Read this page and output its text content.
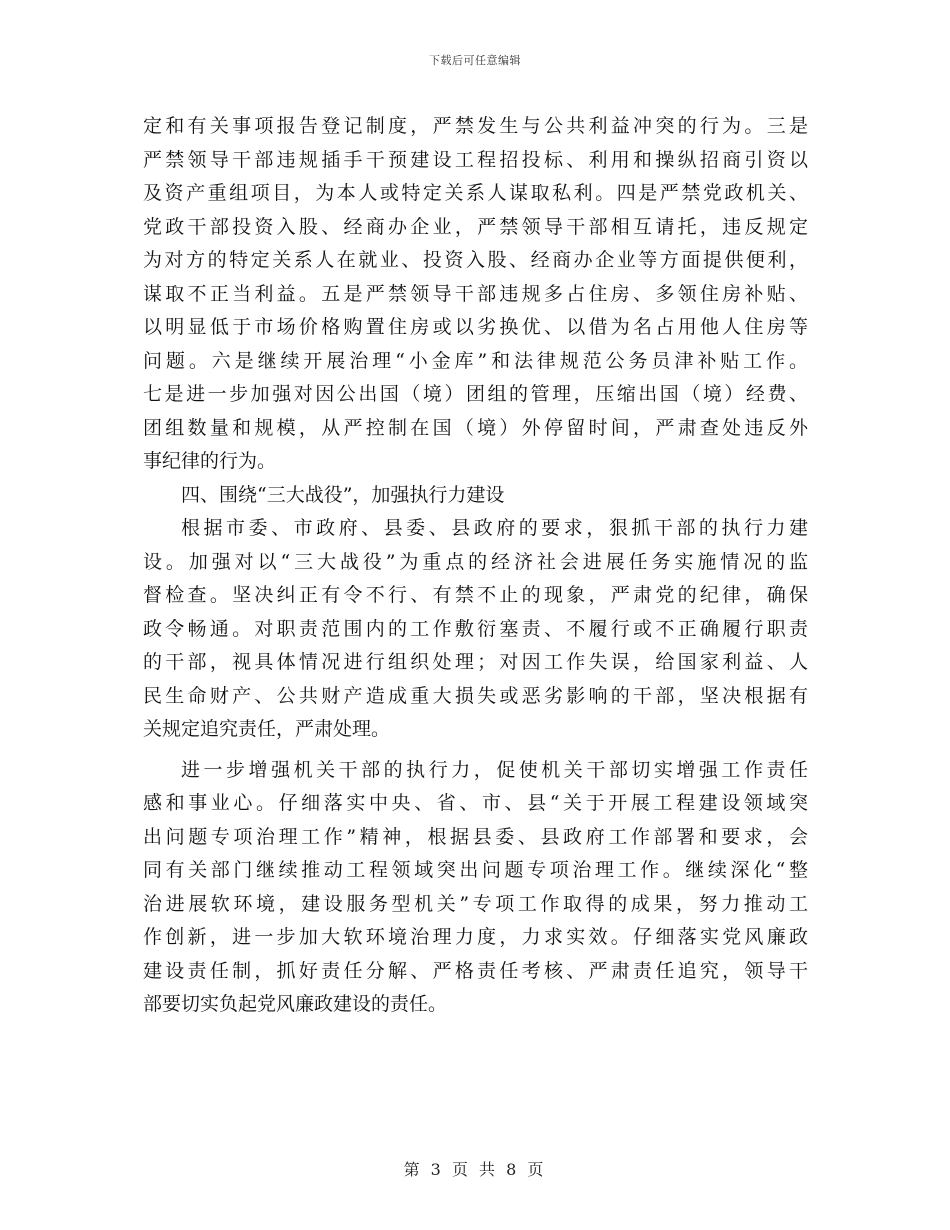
下载后可任意编辑
定和有关事项报告登记制度，严禁发生与公共利益冲突的行为。三是
严禁领导干部违规插手干预建设工程招投标、利用和操纵招商引资以
及资产重组项目，为本人或特定关系人谋取私利。四是严禁党政机关、
党政干部投资入股、经商办企业，严禁领导干部相互请托，违反规定
为对方的特定关系人在就业、投资入股、经商办企业等方面提供便利，
谋取不正当利益。五是严禁领导干部违规多占住房、多领住房补贴、
以明显低于市场价格购置住房或以劣换优、以借为名占用他人住房等
问题。六是继续开展治理“小金库”和法律规范公务员津补贴工作。
七是进一步加强对因公出国（境）团组的管理，压缩出国（境）经费、
团组数量和规模，从严控制在国（境）外停留时间，严肃查处违反外
事纪律的行为。
四、围绕“三大战役”，加强执行力建设
根据市委、市政府、县委、县政府的要求，狠抓干部的执行力建
设。加强对以“三大战役”为重点的经济社会进展任务实施情况的监
督检查。坚决纠正有令不行、有禁不止的现象，严肃党的纪律，确保
政令畅通。对职责范围内的工作敷衍塞责、不履行或不正确履行职责
的干部，视具体情况进行组织处理；对因工作失误，给国家利益、人
民生命财产、公共财产造成重大损失或恶劣影响的干部，坚决根据有
关规定追究责任，严肃处理。
进一步增强机关干部的执行力，促使机关干部切实增强工作责任
感和事业心。仔细落实中央、省、市、县“关于开展工程建设领域突
出问题专项治理工作”精神，根据县委、县政府工作部署和要求，会
同有关部门继续推动工程领域突出问题专项治理工作。继续深化“整
治进展软环境，建设服务型机关”专项工作取得的成果，努力推动工
作创新，进一步加大软环境治理力度，力求实效。仔细落实党风廉政
建设责任制，抓好责任分解、严格责任考核、严肃责任追究，领导干
部要切实负起党风廉政建设的责任。
第 3 页 共 8 页
